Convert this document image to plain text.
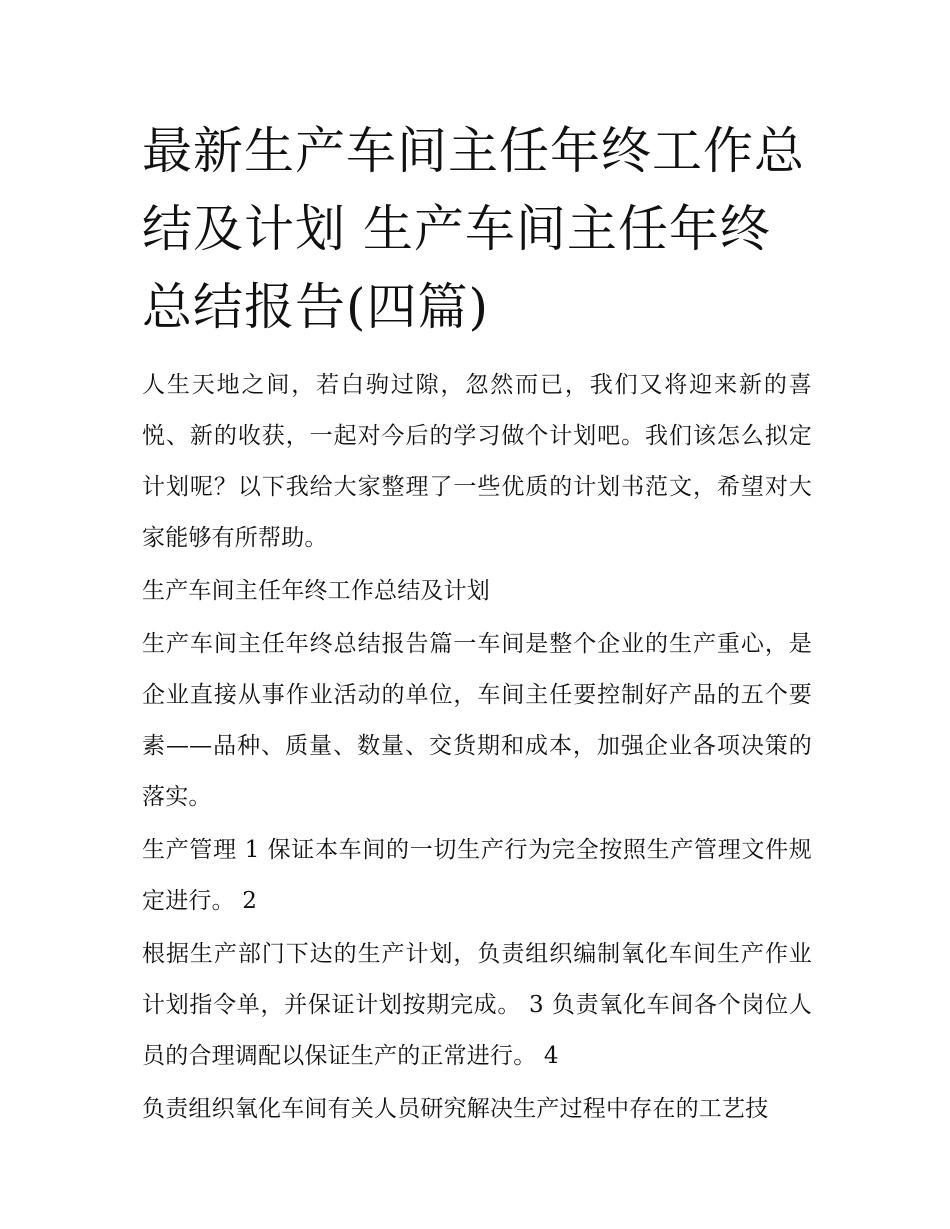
最新生产车间主任年终工作总结及计划 生产车间主任年终总结报告(四篇)

人生天地之间，若白驹过隙，忽然而已，我们又将迎来新的喜悦、新的收获，一起对今后的学习做个计划吧。我们该怎么拟定计划呢？以下我给大家整理了一些优质的计划书范文，希望对大家能够有所帮助。

生产车间主任年终工作总结及计划

生产车间主任年终总结报告篇一车间是整个企业的生产重心，是企业直接从事作业活动的单位，车间主任要控制好产品的五个要素——品种、质量、数量、交货期和成本，加强企业各项决策的落实。

生产管理 1 保证本车间的一切生产行为完全按照生产管理文件规定进行。 2

根据生产部门下达的生产计划，负责组织编制氧化车间生产作业计划指令单，并保证计划按期完成。 3 负责氧化车间各个岗位人员的合理调配以保证生产的正常进行。 4

负责组织氧化车间有关人员研究解决生产过程中存在的工艺技
